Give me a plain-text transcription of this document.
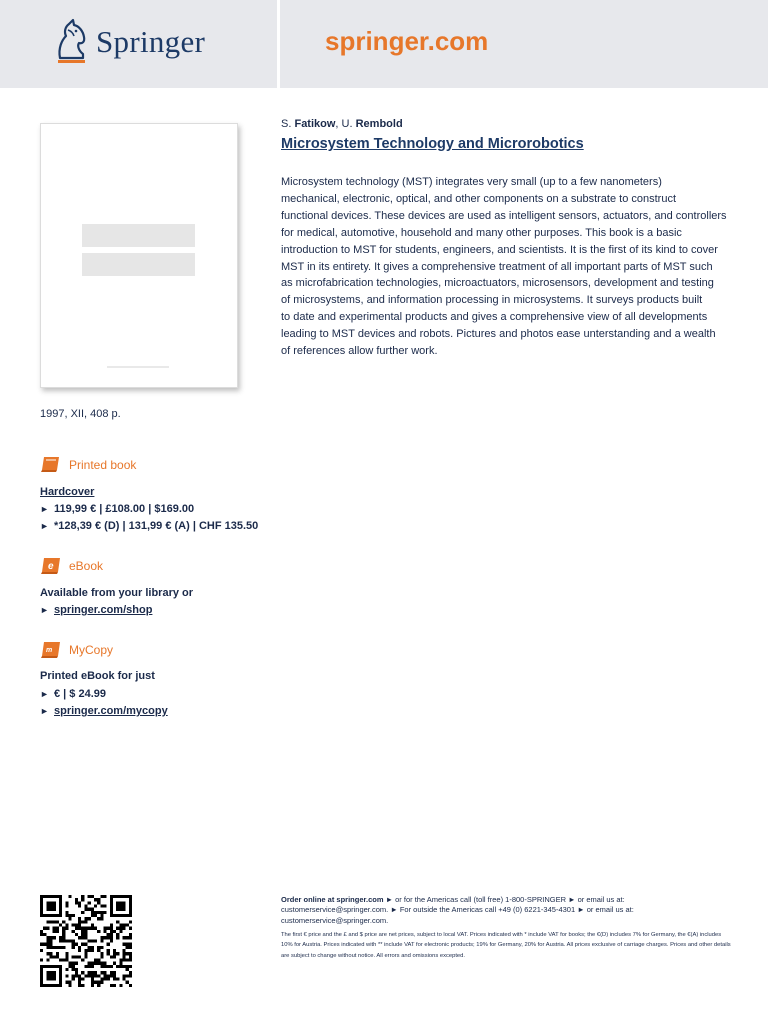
Springer	springer.com
S. Fatikow, U. Rembold
Microsystem Technology and Microrobotics
Microsystem technology (MST) integrates very small (up to a few nanometers)
mechanical, electronic, optical, and other components on a substrate to construct
functional devices. These devices are used as intelligent sensors, actuators, and controllers
for medical, automotive, household and many other purposes. This book is a basic
introduction to MST for students, engineers, and scientists. It is the first of its kind to cover
MST in its entirety. It gives a comprehensive treatment of all important parts of MST such
as microfabrication technologies, microactuators, microsensors, development and testing
of microsystems, and information processing in microsystems. It surveys products built
to date and experimental products and gives a comprehensive view of all developments
leading to MST devices and robots. Pictures and photos ease unterstanding and a wealth
of references allow further work.
1997, XII, 408 p.
Printed book
Hardcover
► 119,99 € | £108.00 | $169.00
► *128,39 € (D) | 131,99 € (A) | CHF 135.50
e eBook
Available from your library or
► springer.com/shop
m MyCopy
Printed eBook for just
► € | $ 24.99
► springer.com/mycopy
Order online at springer.com ► or for the Americas call (toll free) 1-800-SPRINGER ► or email us at: customerservice@springer.com. ► For outside the Americas call +49 (0) 6221-345-4301 ► or email us at: customerservice@springer.com.
The first € price and the £ and $ price are net prices, subject to local VAT. Prices indicated with * include VAT for books; the €(D) includes 7% for Germany, the €(A) includes 10% for Austria. Prices indicated with ** include VAT for electronic products; 19% for Germany, 20% for Austria. All prices exclusive of carriage charges. Prices and other details are subject to change without notice. All errors and omissions excepted.
